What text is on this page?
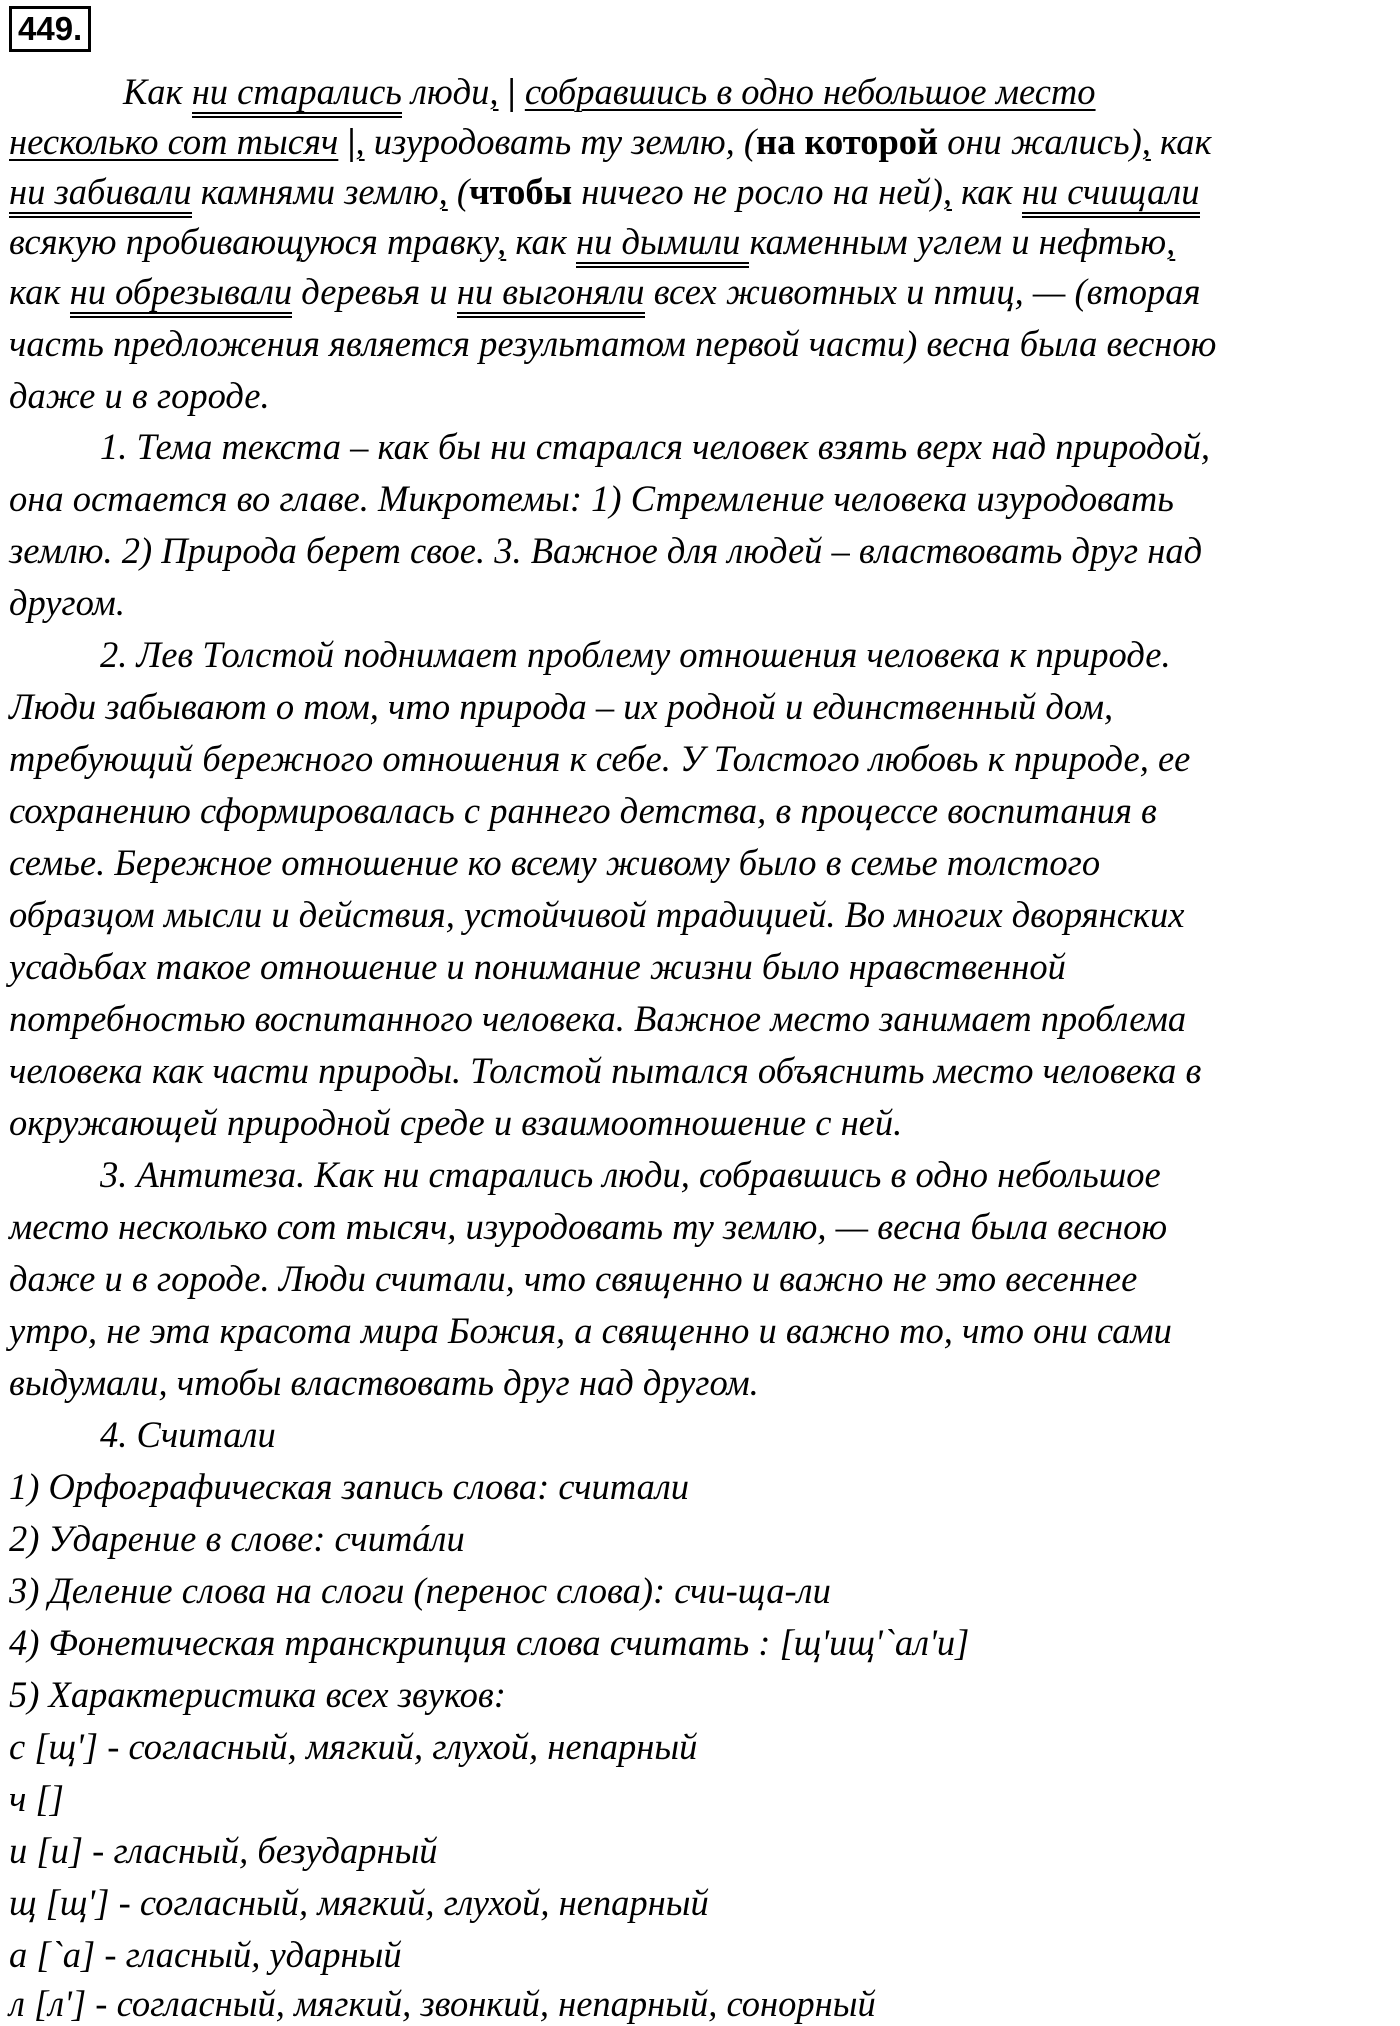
449.
Как ни старались люди, | собравшись в одно небольшое место
несколько сот тысяч |, изуродовать ту землю, (на которой они жались), как
ни забивали камнями землю, (чтобы ничего не росло на ней), как ни счищали
всякую пробивающуюся травку, как ни дымили каменным углем и нефтью,
как ни обрезывали деревья и ни выгоняли всех животных и птиц, — (вторая
часть предложения является результатом первой части) весна была весною
даже и в городе.
1. Тема текста – как бы ни старался человек взять верх над природой,
она остается во главе. Микротемы: 1) Стремление человека изуродовать
землю. 2) Природа берет свое. 3. Важное для людей – властвовать друг над
другом.
2. Лев Толстой поднимает проблему отношения человека к природе.
Люди забывают о том, что природа – их родной и единственный дом,
требующий бережного отношения к себе. У Толстого любовь к природе, ее
сохранению сформировалась с раннего детства, в процессе воспитания в
семье. Бережное отношение ко всему живому было в семье толстого
образцом мысли и действия, устойчивой традицией. Во многих дворянских
усадьбах такое отношение и понимание жизни было нравственной
потребностью воспитанного человека. Важное место занимает проблема
человека как части природы. Толстой пытался объяснить место человека в
окружающей природной среде и взаимоотношение с ней.
3. Антитеза. Как ни старались люди, собравшись в одно небольшое
место несколько сот тысяч, изуродовать ту землю, — весна была весною
даже и в городе. Люди считали, что священно и важно не это весеннее
утро, не эта красота мира Божия, а священно и важно то, что они сами
выдумали, чтобы властвовать друг над другом.
4. Считали
1) Орфографическая запись слова: считали
2) Ударение в слове: считáли
3) Деление слова на слоги (перенос слова): счи-ща-ли
4) Фонетическая транскрипция слова считать : [щ'ищ'`ал'и]
5) Характеристика всех звуков:
с [щ'] - согласный, мягкий, глухой, непарный
ч []
и [и] - гласный, безударный
щ [щ'] - согласный, мягкий, глухой, непарный
а [`а] - гласный, ударный
л [л'] - согласный, мягкий, звонкий, непарный, сонорный
